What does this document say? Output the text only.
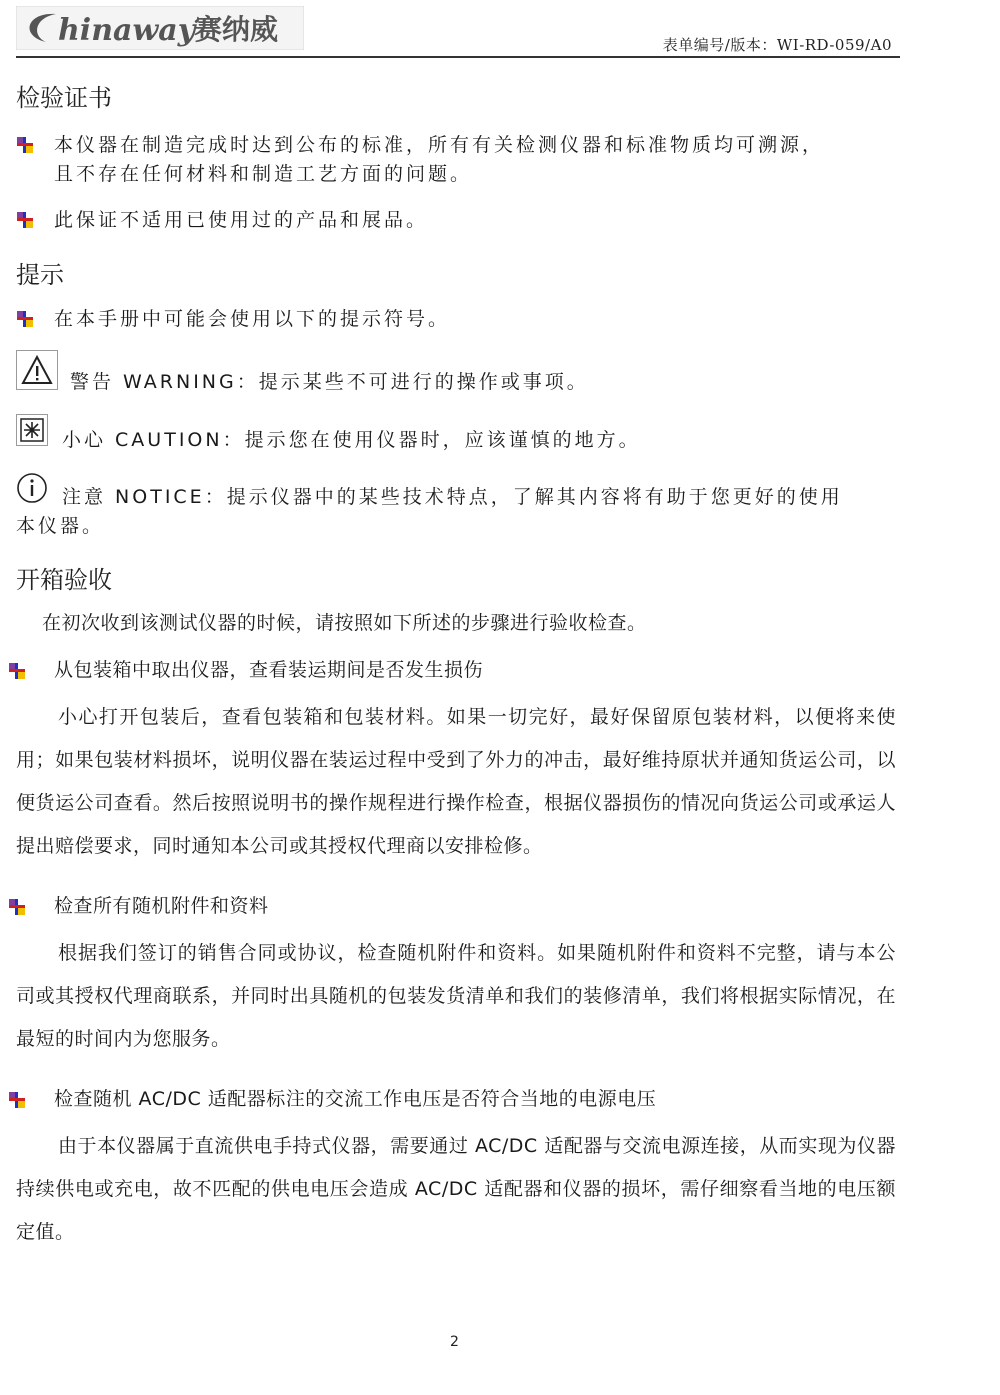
hinaway
赛纳威	表单编号/版本：WI-RD-059/A0
检验证书
本仪器在制造完成时达到公布的标准，所有有关检测仪器和标准物质均可溯源，
且不存在任何材料和制造工艺方面的问题。
此保证不适用已使用过的产品和展品。
提示
在本手册中可能会使用以下的提示符号。
警告 WARNING：提示某些不可进行的操作或事项。
小心 CAUTION：提示您在使用仪器时，应该谨慎的地方。
注意 NOTICE：提示仪器中的某些技术特点，了解其内容将有助于您更好的使用
本仪器。
开箱验收
在初次收到该测试仪器的时候，请按照如下所述的步骤进行验收检查。
从包装箱中取出仪器，查看装运期间是否发生损伤
小心打开包装后，查看包装箱和包装材料。如果一切完好，最好保留原包装材料，以便将来使用；如果包装材料损坏，说明仪器在装运过程中受到了外力的冲击，最好维持原状并通知货运公司，以便货运公司查看。然后按照说明书的操作规程进行操作检查，根据仪器损伤的情况向货运公司或承运人提出赔偿要求，同时通知本公司或其授权代理商以安排检修。
检查所有随机附件和资料
根据我们签订的销售合同或协议，检查随机附件和资料。如果随机附件和资料不完整，请与本公司或其授权代理商联系，并同时出具随机的包装发货清单和我们的装修清单，我们将根据实际情况，在最短的时间内为您服务。
检查随机 AC/DC 适配器标注的交流工作电压是否符合当地的电源电压
由于本仪器属于直流供电手持式仪器，需要通过 AC/DC 适配器与交流电源连接，从而实现为仪器持续供电或充电，故不匹配的供电电压会造成 AC/DC 适配器和仪器的损坏，需仔细察看当地的电压额定值。
2
